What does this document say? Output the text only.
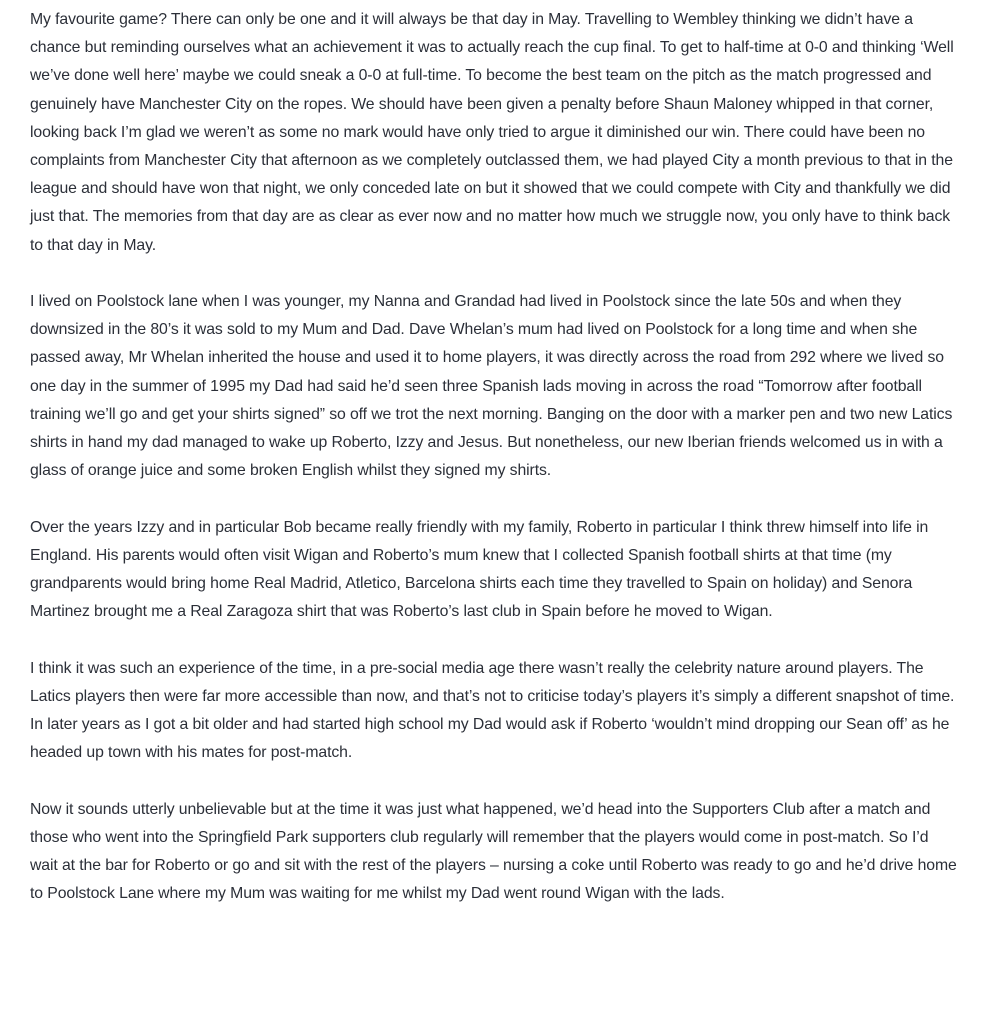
My favourite game? There can only be one and it will always be that day in May. Travelling to Wembley thinking we didn’t have a chance but reminding ourselves what an achievement it was to actually reach the cup final. To get to half-time at 0-0 and thinking ‘Well we’ve done well here’ maybe we could sneak a 0-0 at full-time. To become the best team on the pitch as the match progressed and genuinely have Manchester City on the ropes. We should have been given a penalty before Shaun Maloney whipped in that corner, looking back I’m glad we weren’t as some no mark would have only tried to argue it diminished our win. There could have been no complaints from Manchester City that afternoon as we completely outclassed them, we had played City a month previous to that in the league and should have won that night, we only conceded late on but it showed that we could compete with City and thankfully we did just that. The memories from that day are as clear as ever now and no matter how much we struggle now, you only have to think back to that day in May.

I lived on Poolstock lane when I was younger, my Nanna and Grandad had lived in Poolstock since the late 50s and when they downsized in the 80’s it was sold to my Mum and Dad. Dave Whelan’s mum had lived on Poolstock for a long time and when she passed away, Mr Whelan inherited the house and used it to home players, it was directly across the road from 292 where we lived so one day in the summer of 1995 my Dad had said he’d seen three Spanish lads moving in across the road “Tomorrow after football training we’ll go and get your shirts signed” so off we trot the next morning. Banging on the door with a marker pen and two new Latics shirts in hand my dad managed to wake up Roberto, Izzy and Jesus. But nonetheless, our new Iberian friends welcomed us in with a glass of orange juice and some broken English whilst they signed my shirts.

Over the years Izzy and in particular Bob became really friendly with my family, Roberto in particular I think threw himself into life in England. His parents would often visit Wigan and Roberto’s mum knew that I collected Spanish football shirts at that time (my grandparents would bring home Real Madrid, Atletico, Barcelona shirts each time they travelled to Spain on holiday) and Senora Martinez brought me a Real Zaragoza shirt that was Roberto’s last club in Spain before he moved to Wigan.

I think it was such an experience of the time, in a pre-social media age there wasn’t really the celebrity nature around players. The Latics players then were far more accessible than now, and that’s not to criticise today’s players it’s simply a different snapshot of time. In later years as I got a bit older and had started high school my Dad would ask if Roberto ‘wouldn’t mind dropping our Sean off’ as he headed up town with his mates for post-match.

Now it sounds utterly unbelievable but at the time it was just what happened, we’d head into the Supporters Club after a match and those who went into the Springfield Park supporters club regularly will remember that the players would come in post-match. So I’d wait at the bar for Roberto or go and sit with the rest of the players – nursing a coke until Roberto was ready to go and he’d drive home to Poolstock Lane where my Mum was waiting for me whilst my Dad went round Wigan with the lads.
